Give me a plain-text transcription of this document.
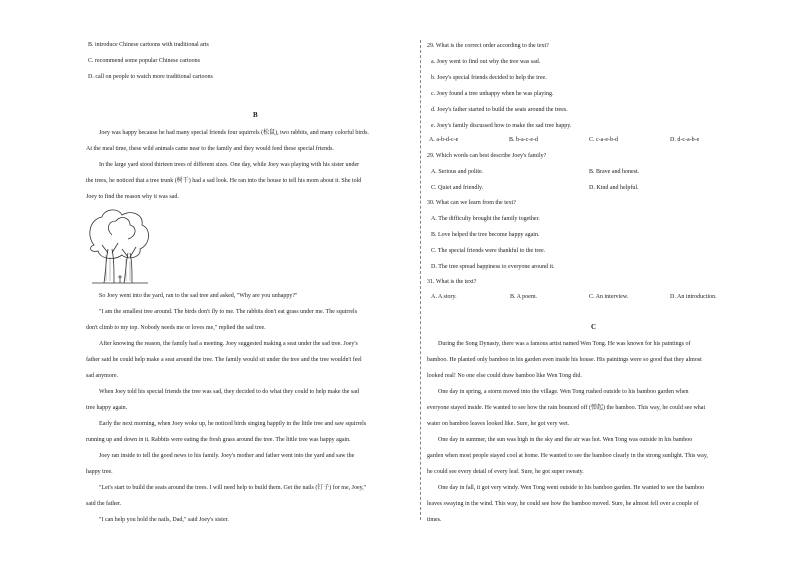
B. introduce Chinese cartoons with traditional arts
C. recommend some popular Chinese cartoons
D. call on people to watch more traditional cartoons
B
Joey was happy because he had many special friends four squirrels (松鼠), two rabbits, and many colorful birds.
At the meal time, these wild animals came near to the family and they would feed these special friends.
In the large yard stood thirteen trees of different sizes. One day, while Joey was playing with his sister under
the trees, he noticed that a tree trunk (树干) had a sad look. He ran into the house to tell his mom about it. She told
Joey to find the reason why it was sad.
So Joey went into the yard, ran to the sad tree and asked, "Why are you unhappy?"
"I am the smallest tree around. The birds don't fly to me. The rabbits don't eat grass under me. The squirrels
don't climb to my top. Nobody needs me or loves me," replied the sad tree.
After knowing the reason, the family had a meeting. Joey suggested making a seat under the sad tree. Joey's
father said he could help make a seat around the tree. The family would sit under the tree and the tree wouldn't feel
sad anymore.
When Joey told his special friends the tree was sad, they decided to do what they could to help make the sad
tree happy again.
Early the next morning, when Joey woke up, he noticed birds singing happily in the little tree and saw squirrels
running up and down in it. Rabbits were eating the fresh grass around the tree. The little tree was happy again.
Joey ran inside to tell the good news to his family. Joey's mother and father went into the yard and saw the
happy tree.
"Let's start to build the seats around the trees. I will need help to build them. Get the nails (钉子) for me, Joey,"
said the father.
"I can help you hold the nails, Dad," said Joey's sister.
29. What is the correct order according to the text?
a. Joey went to find out why the tree was sad.
b. Joey's special friends decided to help the tree.
c. Joey found a tree unhappy when he was playing.
d. Joey's father started to build the seats around the trees.
e. Joey's family discussed how to make the sad tree happy.
A. a-b-d-c-e	B. b-a-c-e-d	C. c-a-e-b-d	D. d-c-a-b-e
29. Which words can best describe Joey's family?
A. Serious and polite.	B. Brave and honest.
C. Quiet and friendly.	D. Kind and helpful.
30. What can we learn from the text?
A. The difficulty brought the family together.
B. Love helped the tree become happy again.
C. The special friends were thankful to the tree.
D. The tree spread happiness to everyone around it.
31. What is the text?
A. A story.	B. A poem.	C. An interview.	D. An introduction.
C
During the Song Dynasty, there was a famous artist named Wen Tong. He was known for his paintings of
bamboo. He planted only bamboo in his garden even inside his house. His paintings were so good that they almost
looked real! No one else could draw bamboo like Wen Tong did.
One day in spring, a storm moved into the village. Wen Tong rushed outside to his bamboo garden when
everyone stayed inside. He wanted to see how the rain bounced off (弹起) the bamboo. This way, he could see what
water on bamboo leaves looked like. Sure, he got very wet.
One day in summer, the sun was high in the sky and the air was hot. Wen Tong was outside in his bamboo
garden when most people stayed cool at home. He wanted to see the bamboo clearly in the strong sunlight. This way,
he could see every detail of every leaf. Sure, he got super sweaty.
One day in fall, it got very windy. Wen Tong went outside to his bamboo garden. He wanted to see the bamboo
leaves swaying in the wind. This way, he could see how the bamboo moved. Sure, he almost fell over a couple of
times.
